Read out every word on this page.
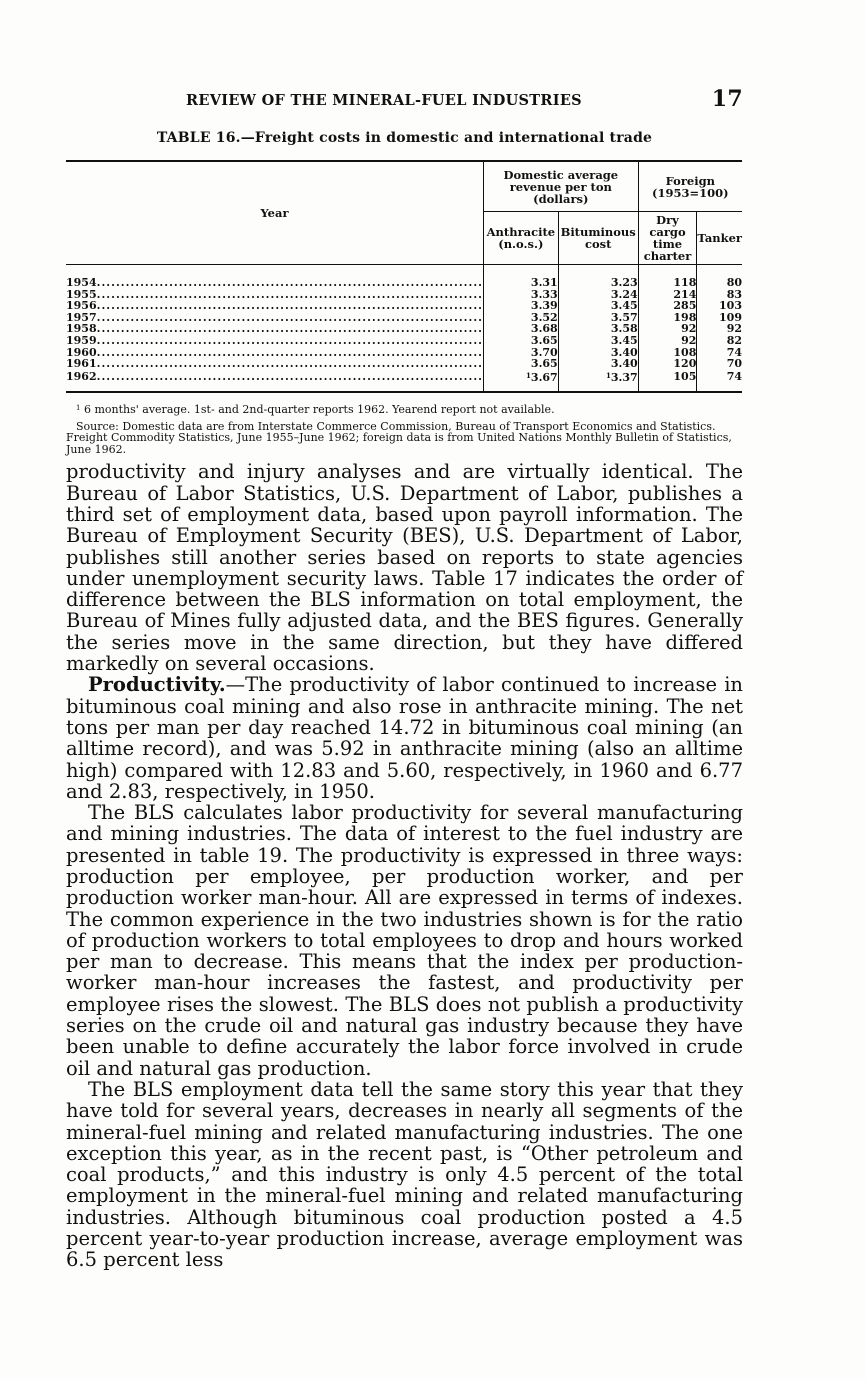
REVIEW OF THE MINERAL-FUEL INDUSTRIES	17
TABLE 16.—Freight costs in domestic and international trade
Year	Domestic average revenue per ton (dollars)		Foreign (1953=100)	
	Anthracite (n.o.s.)	Bituminous cost	Dry cargo time charter	Tanker
1954................................................................................	3.31	3.23	118	80
1955................................................................................	3.33	3.24	214	83
1956................................................................................	3.39	3.45	285	103
1957................................................................................	3.52	3.57	198	109
1958................................................................................	3.68	3.58	92	92
1959................................................................................	3.65	3.45	92	82
1960................................................................................	3.70	3.40	108	74
1961................................................................................	3.65	3.40	120	70
1962................................................................................	$^1$3.67	$^1$3.37	105	74

$^1$ 6 months' average. 1st- and 2nd-quarter reports 1962. Yearend report not available.

Source: Domestic data are from Interstate Commerce Commission, Bureau of Transport Economics and Statistics. Freight Commodity Statistics, June 1955–June 1962; foreign data is from United Nations Monthly Bulletin of Statistics, June 1962.

productivity and injury analyses and are virtually identical. The Bureau of Labor Statistics, U.S. Department of Labor, publishes a third set of employment data, based upon payroll information. The Bureau of Employment Security (BES), U.S. Department of Labor, publishes still another series based on reports to state agencies under unemployment security laws. Table 17 indicates the order of difference between the BLS information on total employment, the Bureau of Mines fully adjusted data, and the BES figures. Generally the series move in the same direction, but they have differed markedly on several occasions.

Productivity.—The productivity of labor continued to increase in bituminous coal mining and also rose in anthracite mining. The net tons per man per day reached 14.72 in bituminous coal mining (an alltime record), and was 5.92 in anthracite mining (also an alltime high) compared with 12.83 and 5.60, respectively, in 1960 and 6.77 and 2.83, respectively, in 1950.

The BLS calculates labor productivity for several manufacturing and mining industries. The data of interest to the fuel industry are presented in table 19. The productivity is expressed in three ways: production per employee, per production worker, and per production worker man-hour. All are expressed in terms of indexes. The common experience in the two industries shown is for the ratio of production workers to total employees to drop and hours worked per man to decrease. This means that the index per production-worker man-hour increases the fastest, and productivity per employee rises the slowest. The BLS does not publish a productivity series on the crude oil and natural gas industry because they have been unable to define accurately the labor force involved in crude oil and natural gas production.

The BLS employment data tell the same story this year that they have told for several years, decreases in nearly all segments of the mineral-fuel mining and related manufacturing industries. The one exception this year, as in the recent past, is “Other petroleum and coal products,” and this industry is only 4.5 percent of the total employment in the mineral-fuel mining and related manufacturing industries. Although bituminous coal production posted a 4.5 percent year-to-year production increase, average employment was 6.5 percent less
